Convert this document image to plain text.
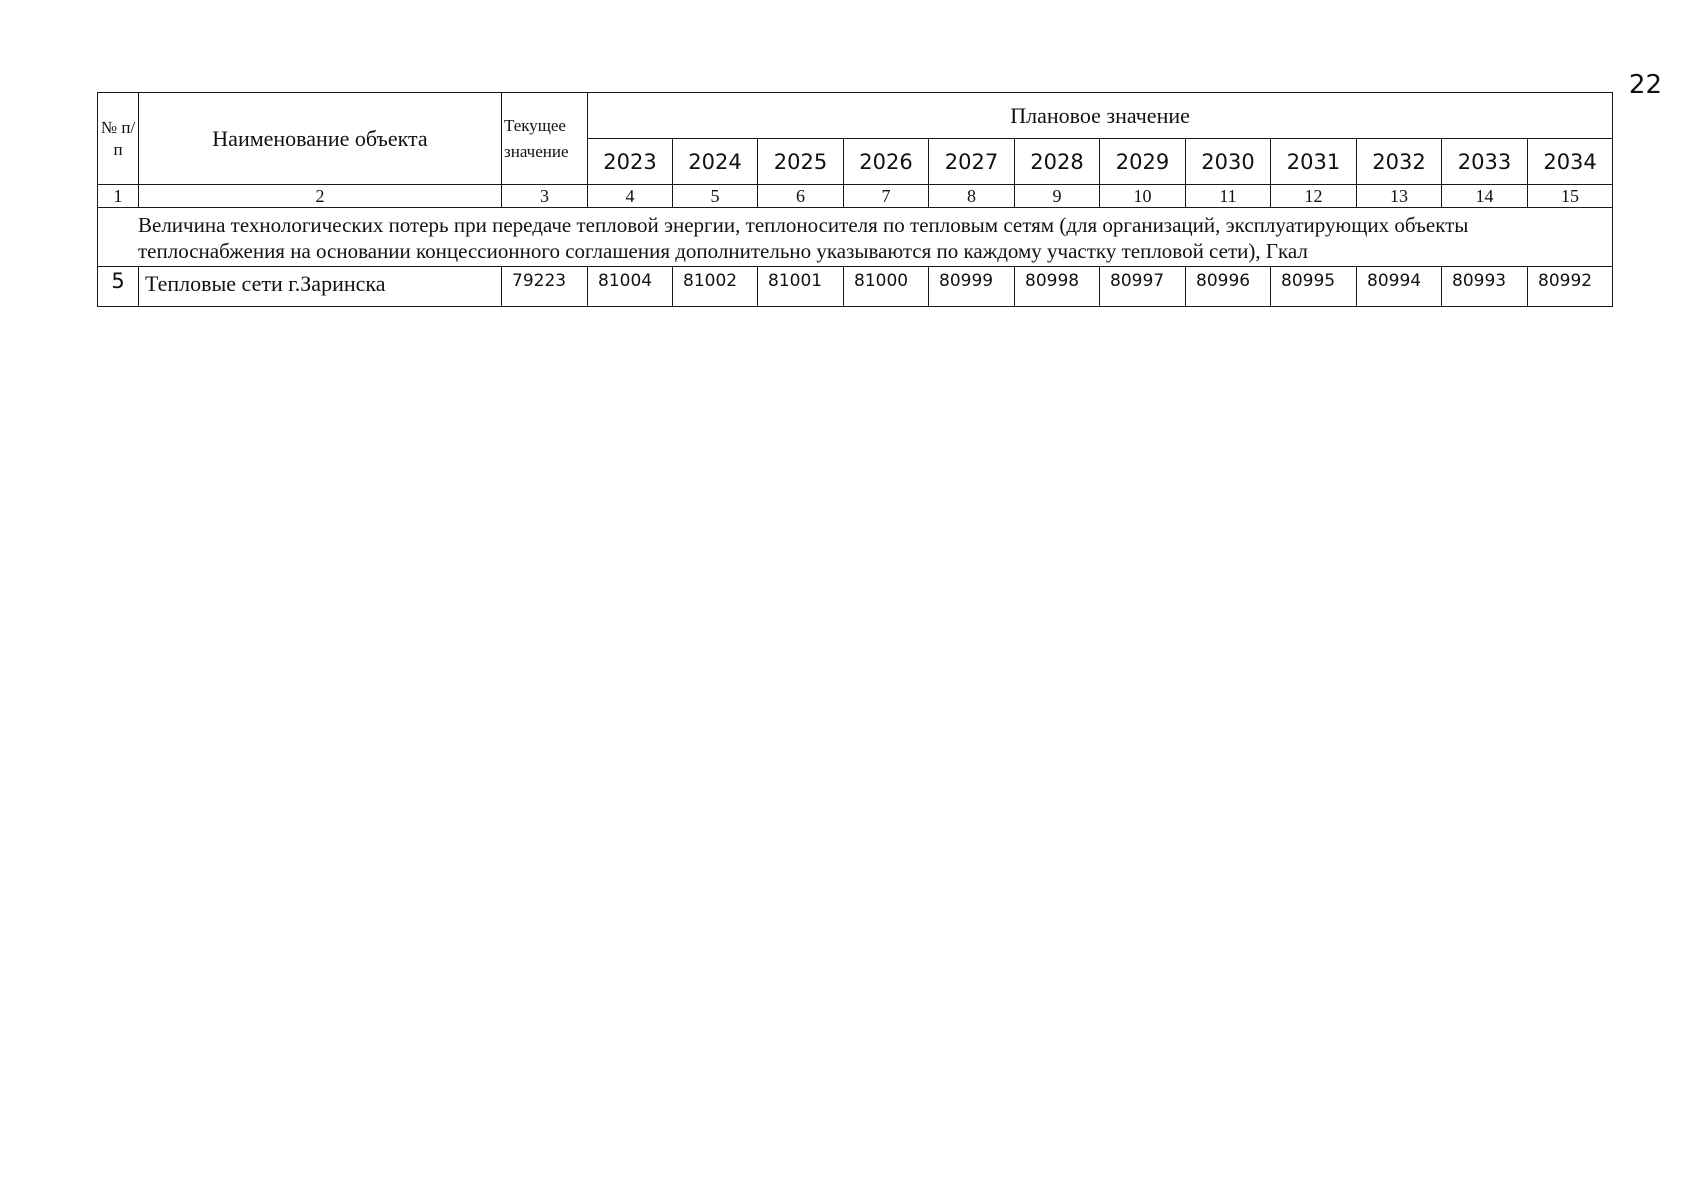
22
№ п/п	Наименование объекта	Текущее значение	Плановое значение											
			2023	2024	2025	2026	2027	2028	2029	2030	2031	2032	2033	2034
1	2	3	4	5	6	7	8	9	10	11	12	13	14	15
Величина технологических потерь при передаче тепловой энергии, теплоносителя по тепловым сетям (для организаций, эксплуатирующих объекты теплоснабжения на основании концессионного соглашения дополнительно указываются по каждому участку тепловой сети), Гкал														
5	Тепловые сети г.Заринска	79223	81004	81002	81001	81000	80999	80998	80997	80996	80995	80994	80993	80992
